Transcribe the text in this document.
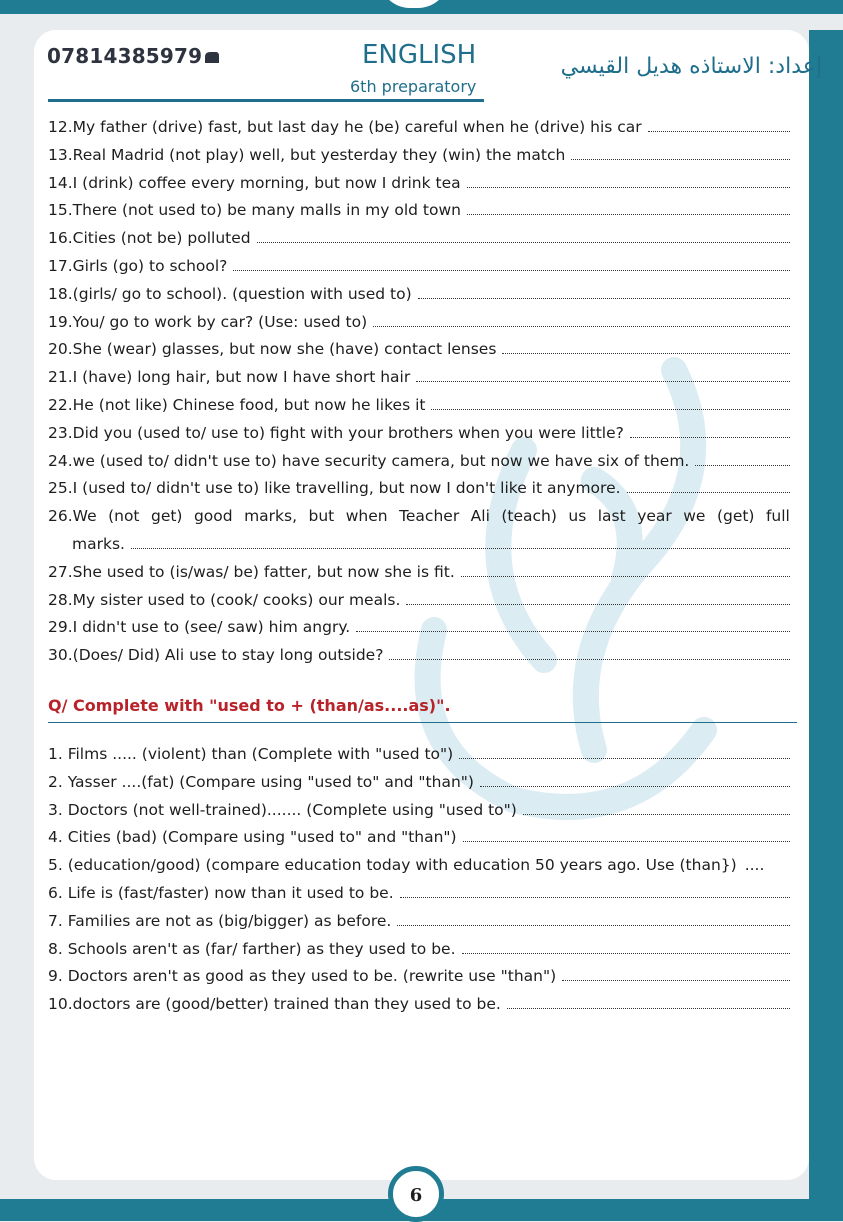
07814385979	ENGLISH
6th preparatory
إعداد: الاستاذه هديل القيسي
12.My father (drive) fast, but last day he (be) careful when he (drive) his car
13.Real Madrid (not play) well, but yesterday they (win) the match
14.I (drink) coffee every morning, but now I drink tea
15.There (not used to) be many malls in my old town
16.Cities (not be) polluted
17.Girls (go) to school?
18.(girls/ go to school). (question with used to)
19.You/ go to work by car? (Use: used to)
20.She (wear) glasses, but now she (have) contact lenses
21.I (have) long hair, but now I have short hair
22.He (not like) Chinese food, but now he likes it
23.Did you (used to/ use to) fight with your brothers when you were little?
24.we (used to/ didn't use to) have security camera, but now we have six of them.
25.I (used to/ didn't use to) like travelling, but now I don't like it anymore.
26.We (not get) good marks, but when Teacher Ali (teach) us last year we (get) full
marks.
27.She used to (is/was/ be) fatter, but now she is fit.
28.My sister used to (cook/ cooks) our meals.
29.I didn't use to (see/ saw) him angry.
30.(Does/ Did) Ali use to stay long outside?
Q/ Complete with "used to + (than/as....as)".
1. Films ..... (violent) than (Complete with "used to")
2. Yasser ....(fat) (Compare using "used to" and "than")
3. Doctors (not well-trained)....... (Complete using "used to")
4. Cities (bad) (Compare using "used to" and "than")
5. (education/good) (compare education today with education 50 years ago. Use (than}) ....
6. Life is (fast/faster) now than it used to be.
7. Families are not as (big/bigger) as before.
8. Schools aren't as (far/ farther) as they used to be.
9. Doctors aren't as good as they used to be. (rewrite use "than")
10.doctors are (good/better) trained than they used to be.
6
